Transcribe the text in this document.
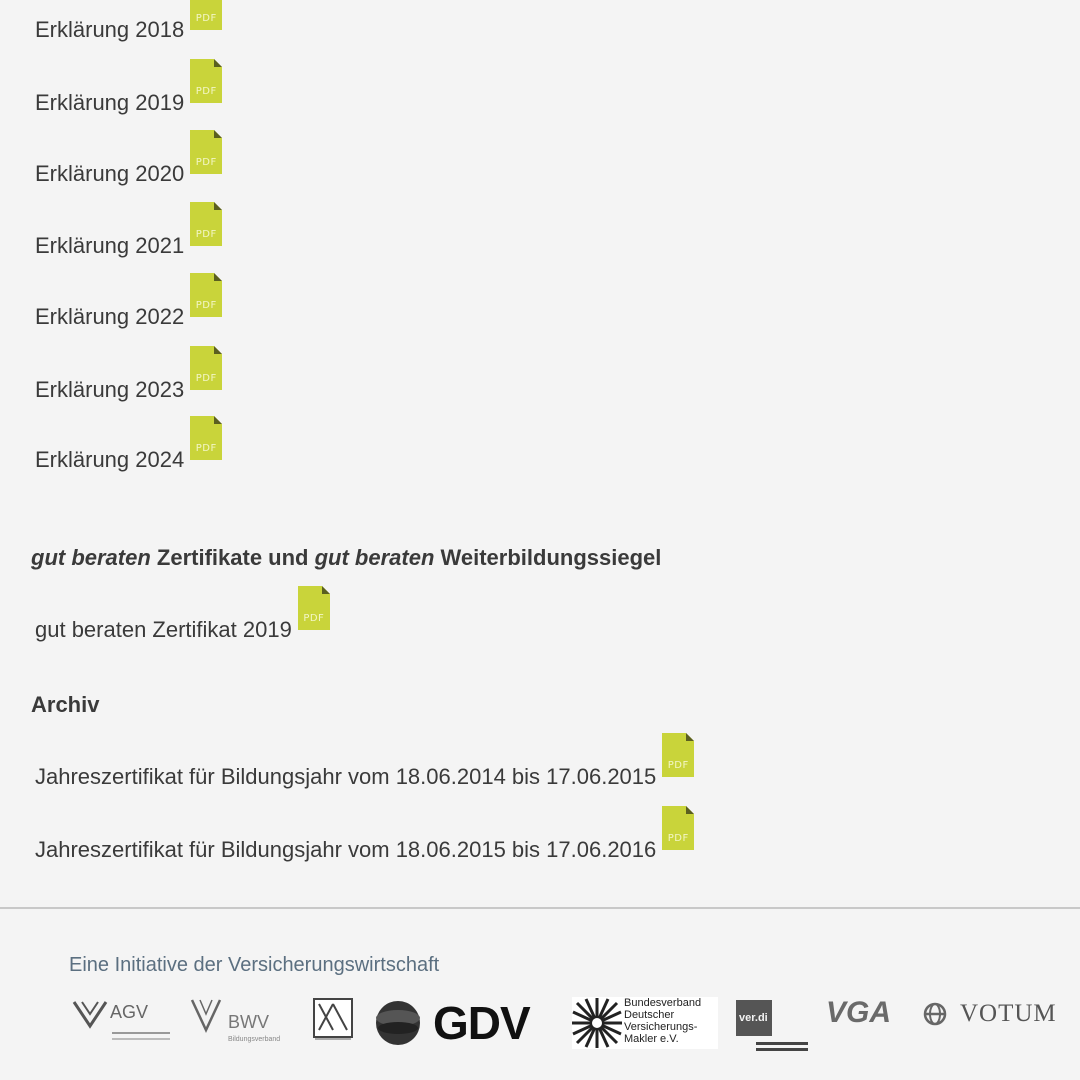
Erklärung 2018	PDF
Erklärung 2019	PDF
Erklärung 2020	PDF
Erklärung 2021	PDF
Erklärung 2022	PDF
Erklärung 2023	PDF
Erklärung 2024	PDF
gut beraten Zertifikate und gut beraten Weiterbildungssiegel
gut beraten Zertifikat 2019	PDF
Archiv
Jahreszertifikat für Bildungsjahr vom 18.06.2014 bis 17.06.2015	PDF
Jahreszertifikat für Bildungsjahr vom 18.06.2015 bis 17.06.2016	PDF
Eine Initiative der Versicherungswirtschaft
AGV	BWV
Bildungsverband	GDV	Bundesverband
Deutscher
Versicherungs-
Makler e.V.
ver.di VGA	VOTUM
